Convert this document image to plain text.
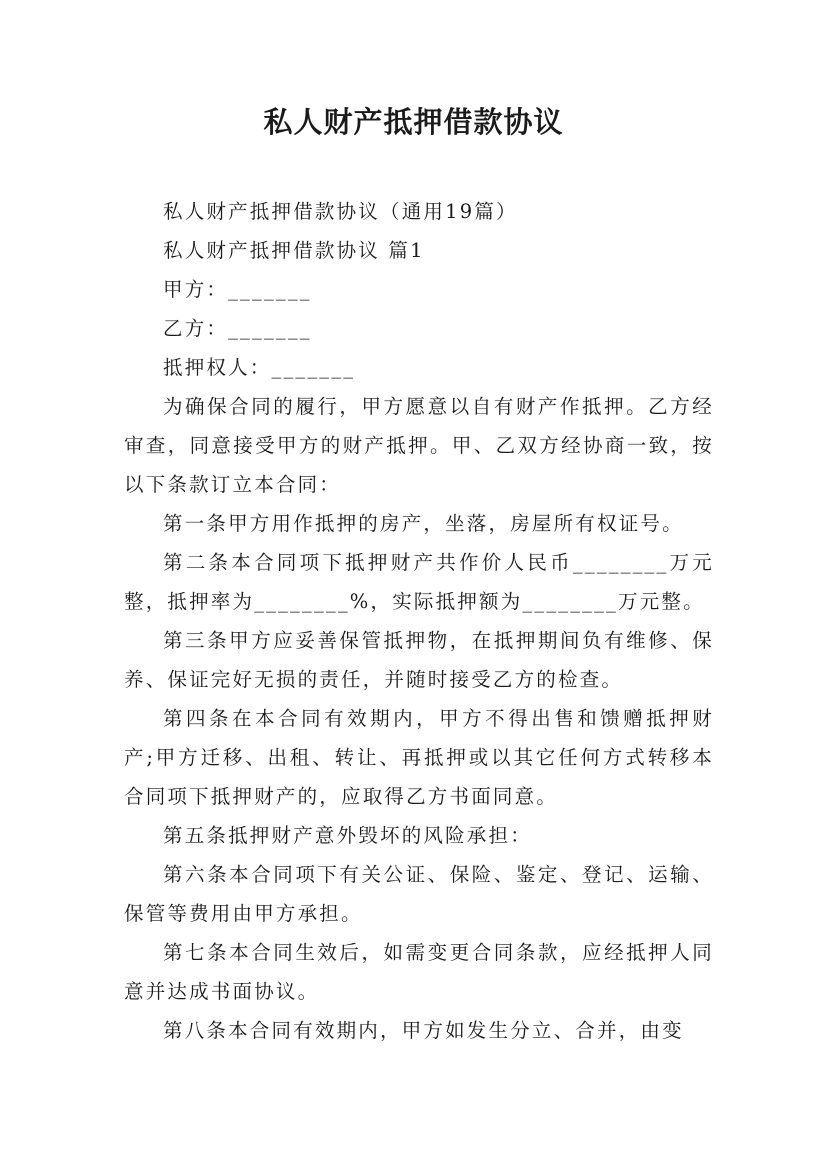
私人财产抵押借款协议

私人财产抵押借款协议（通用19篇）

私人财产抵押借款协议 篇1

甲方：_______

乙方：_______

抵押权人：_______

为确保合同的履行，甲方愿意以自有财产作抵押。乙方经审查，同意接受甲方的财产抵押。甲、乙双方经协商一致，按以下条款订立本合同：

第一条甲方用作抵押的房产，坐落，房屋所有权证号。

第二条本合同项下抵押财产共作价人民币________万元整，抵押率为________%，实际抵押额为________万元整。

第三条甲方应妥善保管抵押物，在抵押期间负有维修、保养、保证完好无损的责任，并随时接受乙方的检查。

第四条在本合同有效期内，甲方不得出售和馈赠抵押财产;甲方迁移、出租、转让、再抵押或以其它任何方式转移本合同项下抵押财产的，应取得乙方书面同意。

第五条抵押财产意外毁坏的风险承担：

第六条本合同项下有关公证、保险、鉴定、登记、运输、保管等费用由甲方承担。

第七条本合同生效后，如需变更合同条款，应经抵押人同意并达成书面协议。

第八条本合同有效期内，甲方如发生分立、合并，由变
